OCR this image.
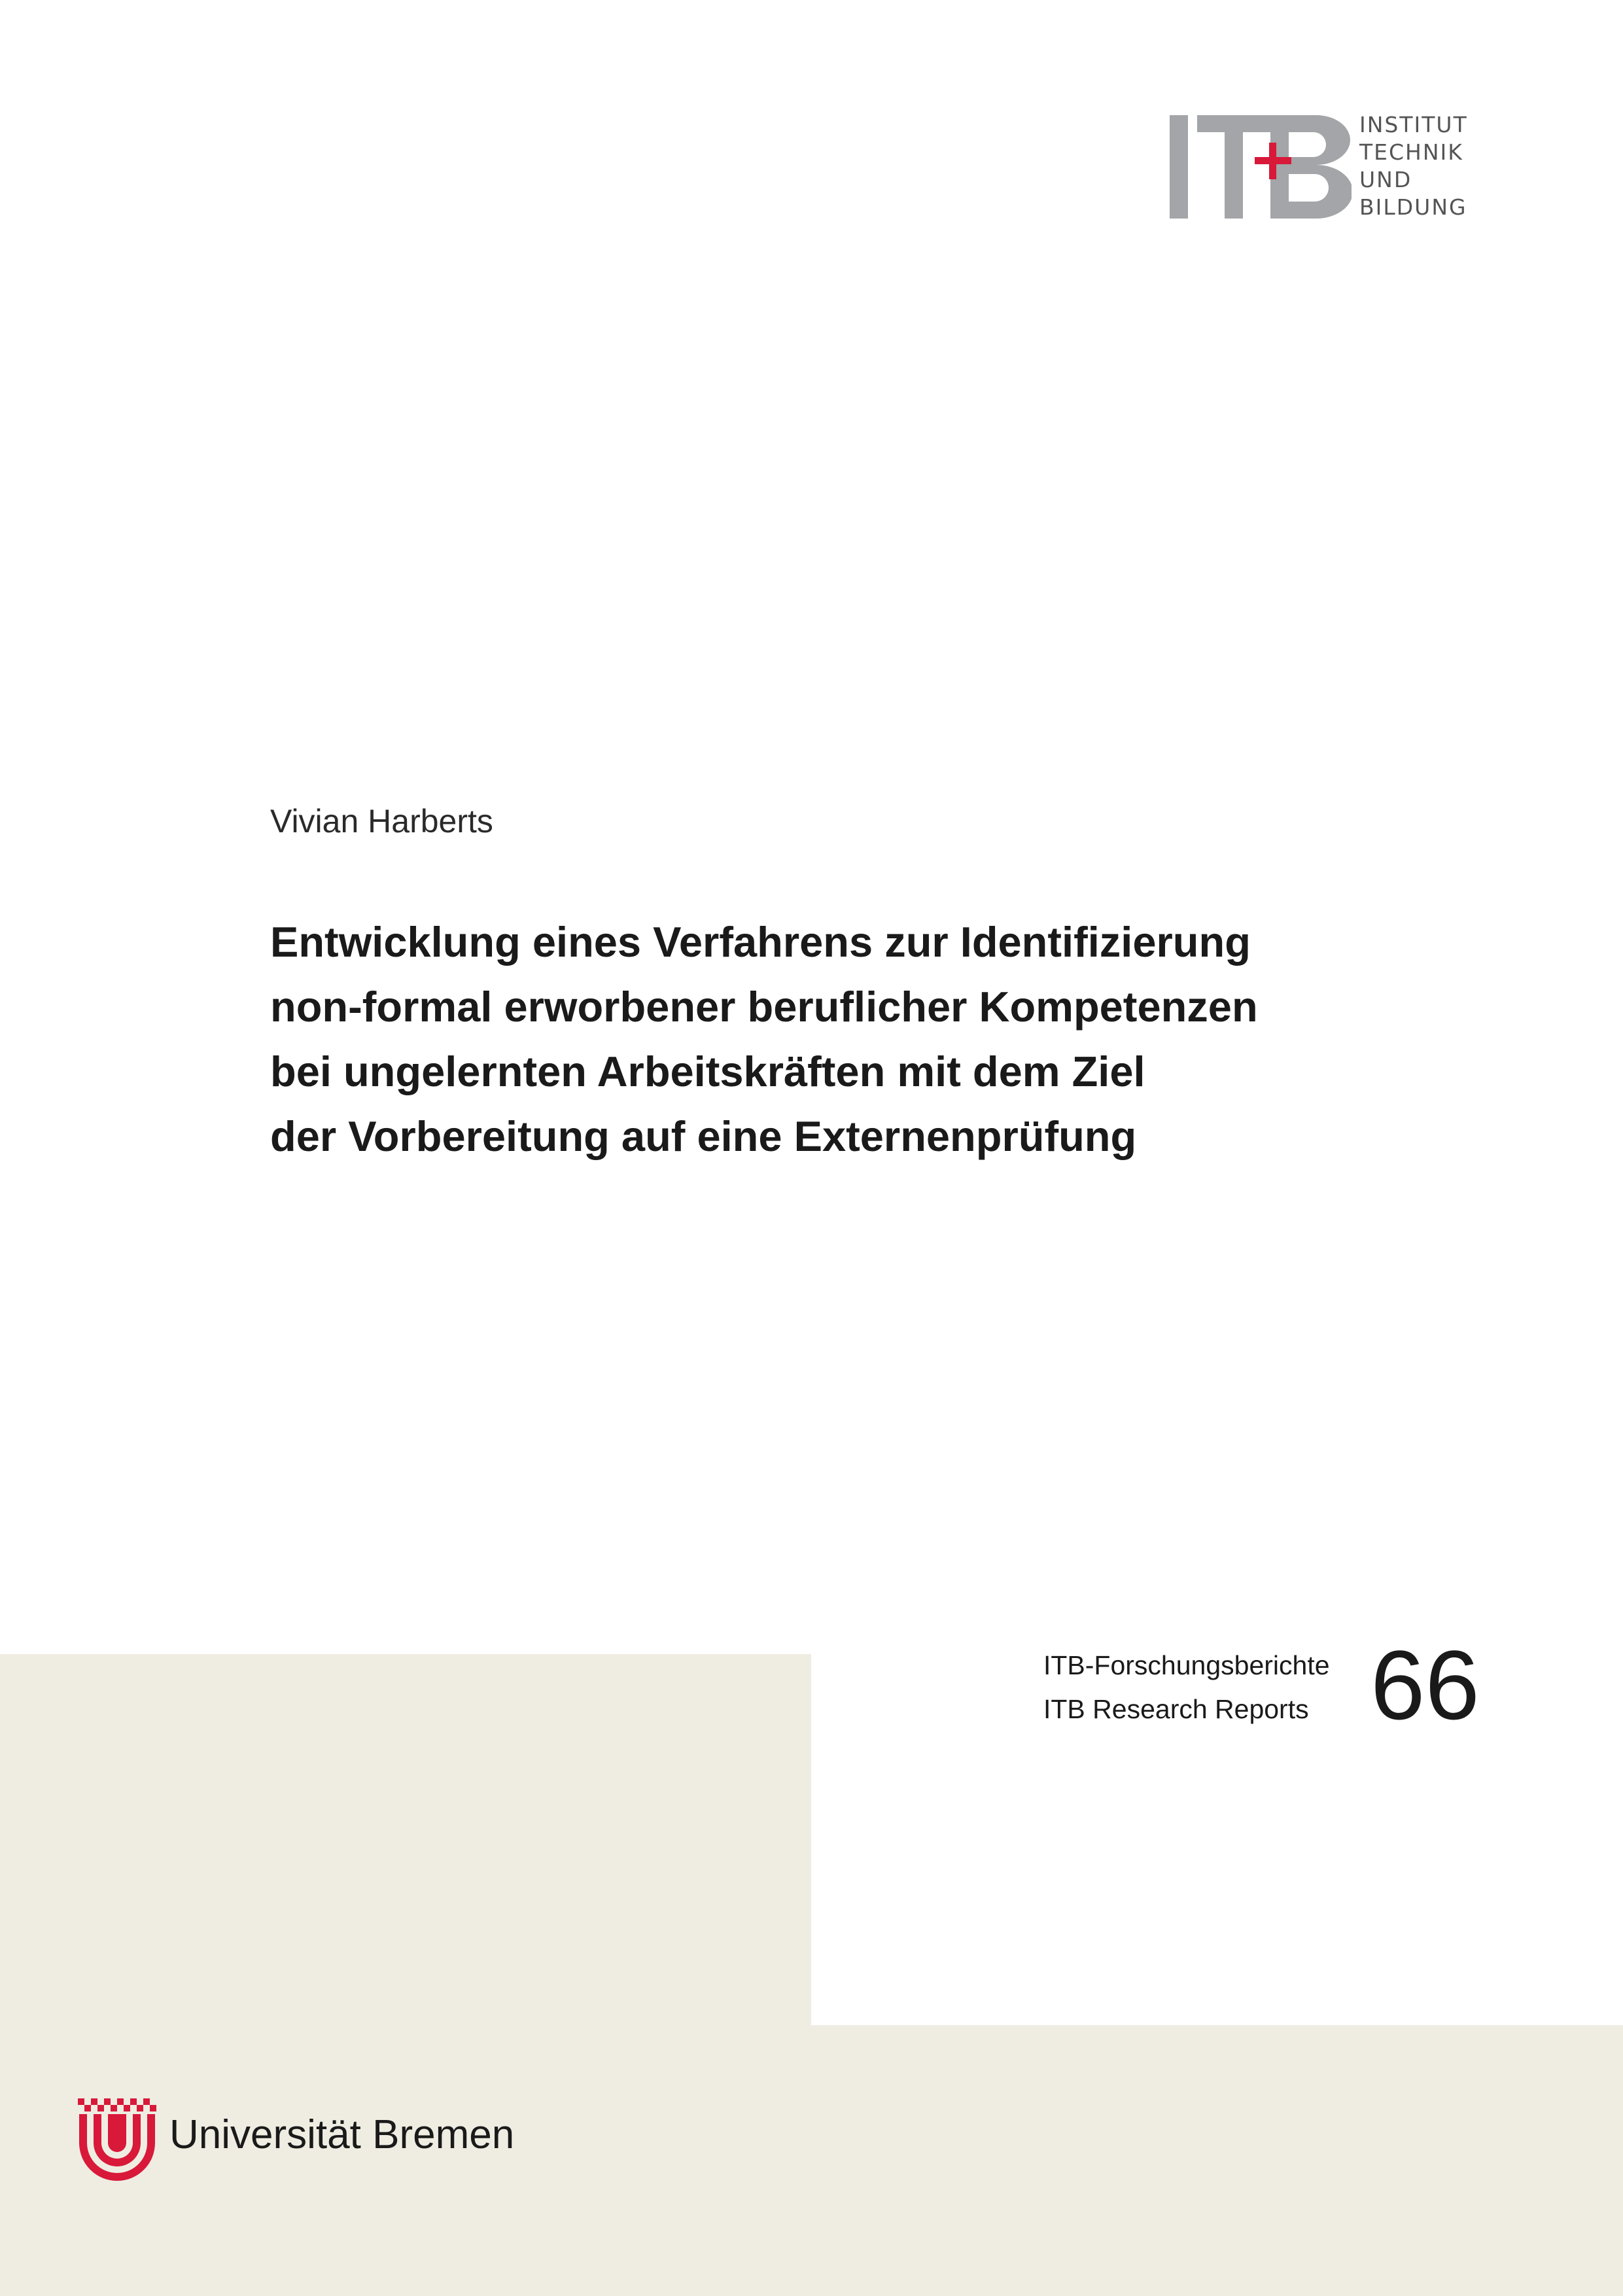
INSTITUT
TECHNIK
UND
BILDUNG
Vivian Harberts
Entwicklung eines Verfahrens zur Identifizierung
non-formal erworbener beruflicher Kompetenzen
bei ungelernten Arbeitskräften mit dem Ziel
der Vorbereitung auf eine Externenprüfung
ITB-Forschungsberichte
ITB Research Reports 66
Universität Bremen
